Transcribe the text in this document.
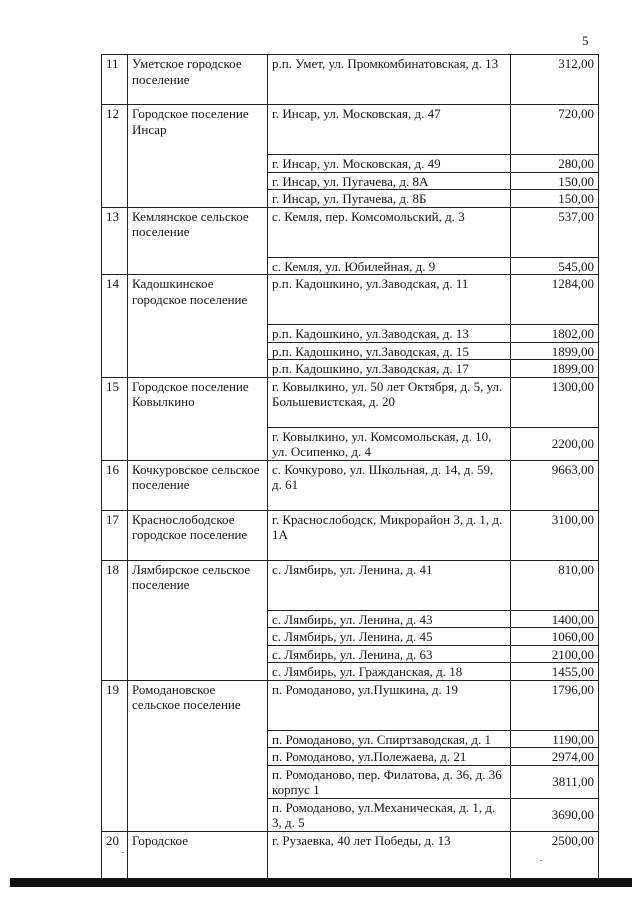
5
11	Уметское городское поселение	р.п. Умет, ул. Промкомбинатовская, д. 13	312,00
12	Городское поселение Инсар	г. Инсар, ул. Московская, д. 47	720,00
		г. Инсар, ул. Московская, д. 49	280,00
		г. Инсар, ул. Пугачева, д. 8А	150,00
		г. Инсар, ул. Пугачева, д. 8Б	150,00
13	Кемлянское сельское поселение	с. Кемля, пер. Комсомольский, д. 3	537,00
		с. Кемля, ул. Юбилейная, д. 9	545,00
14	Кадошкинское городское поселение	р.п. Кадошкино, ул.Заводская, д. 11	1284,00
		р.п. Кадошкино, ул.Заводская, д. 13	1802,00
		р.п. Кадошкино, ул.Заводская, д. 15	1899,00
		р.п. Кадошкино, ул.Заводская, д. 17	1899,00
15	Городское поселение Ковылкино	г. Ковылкино, ул. 50 лет Октября, д. 5, ул. Большевистская, д. 20	1300,00
		г. Ковылкино, ул. Комсомольская, д. 10, ул. Осипенко, д. 4	2200,00
16	Кочкуровское сельское поселение	с. Кочкурово, ул. Школьная, д. 14, д. 59, д. 61	9663,00
17	Краснослободское городское поселение	г. Краснослободск, Микрорайон 3, д. 1, д. 1А	3100,00
18	Лямбирское сельское поселение	с. Лямбирь, ул. Ленина, д. 41	810,00
		с. Лямбирь, ул. Ленина, д. 43	1400,00
		с. Лямбирь, ул. Ленина, д. 45	1060,00
		с. Лямбирь, ул. Ленина, д. 63	2100,00
		с. Лямбирь, ул. Гражданская, д. 18	1455,00
19	Ромодановское сельское поселение	п. Ромоданово, ул.Пушкина, д. 19	1796,00
		п. Ромоданово, ул. Спиртзаводская, д. 1	1190,00
		п. Ромоданово, ул.Полежаева, д. 21	2974,00
		п. Ромоданово, пер. Филатова, д. 36, д. 36 корпус 1	3811,00
		п. Ромоданово, ул.Механическая, д. 1, д. 3, д. 5	3690,00
20	Городское	г. Рузаевка, 40 лет Победы, д. 13	2500,00
